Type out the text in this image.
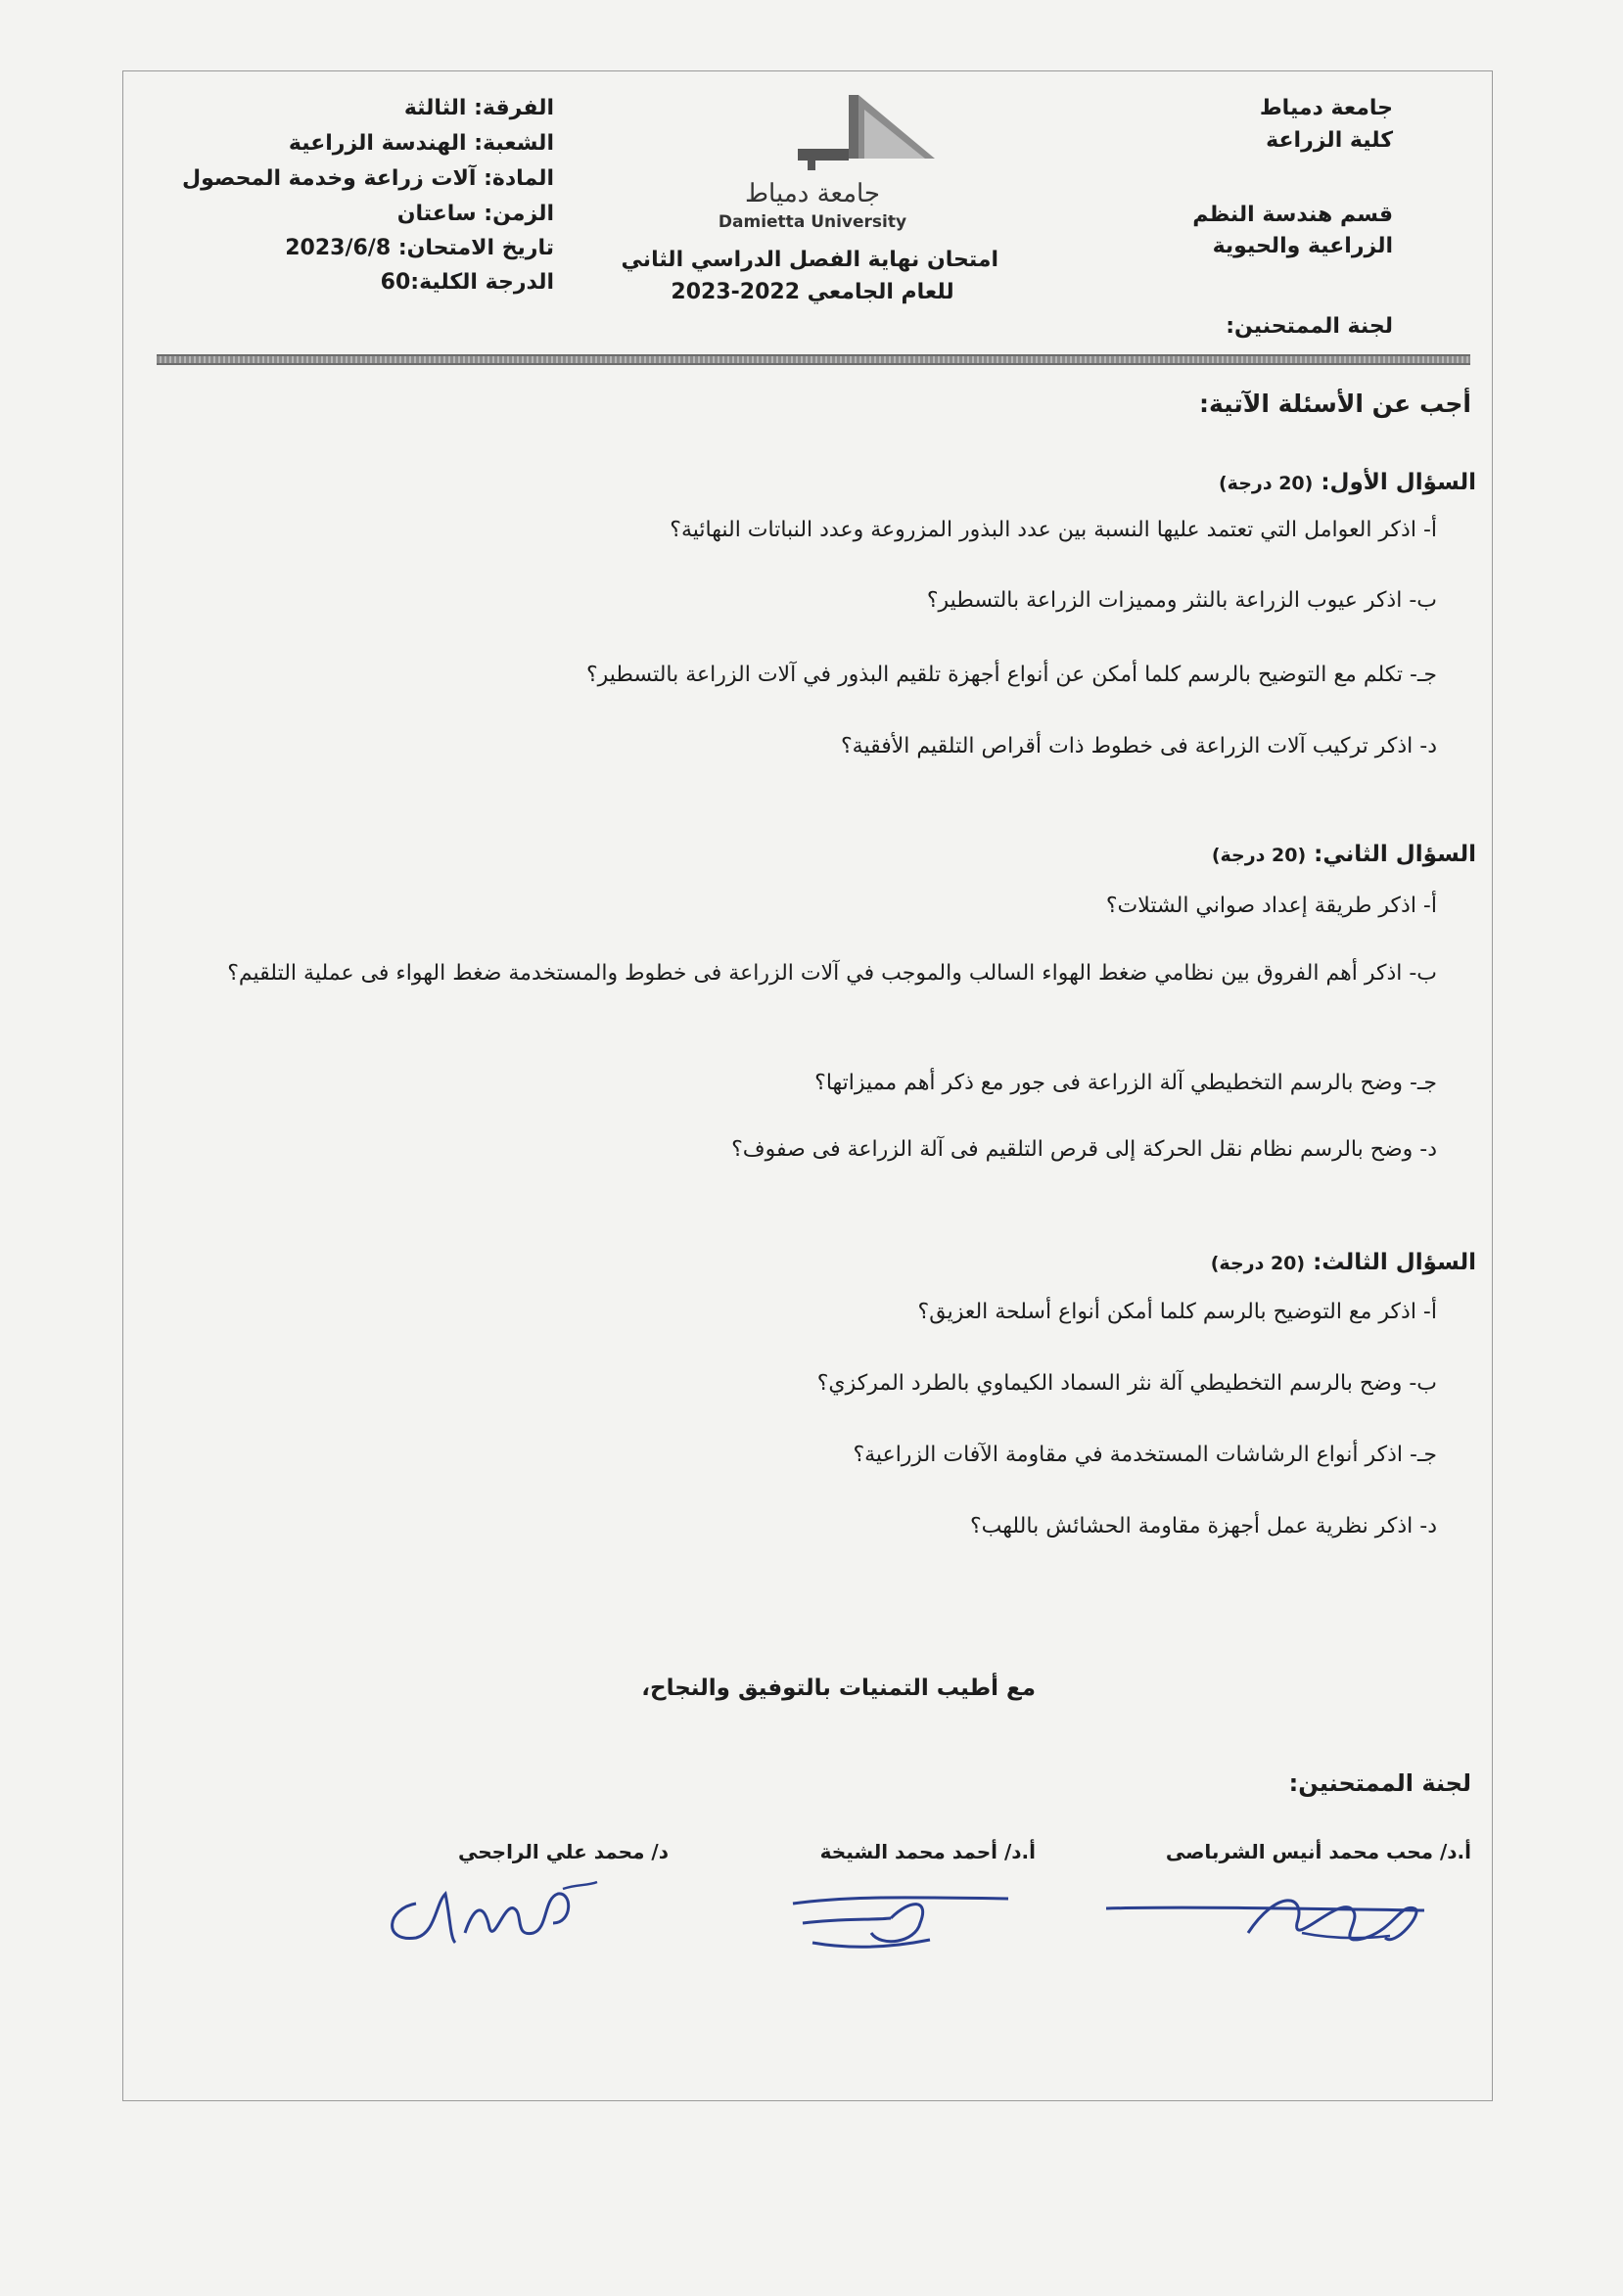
جامعة دمياط
كلية الزراعة
قسم هندسة النظم
الزراعية والحيوية
لجنة الممتحنين:
جامعة دمياط
Damietta University
امتحان نهاية الفصل الدراسي الثاني
للعام الجامعي 2022-2023
الفرقة: الثالثة
الشعبة: الهندسة الزراعية
المادة: آلات زراعة وخدمة المحصول
الزمن: ساعتان
تاريخ الامتحان: 2023/6/8
الدرجة الكلية:60
أجب عن الأسئلة الآتية:
السؤال الأول:(20 درجة)
أ- اذكر العوامل التي تعتمد عليها النسبة بين عدد البذور المزروعة وعدد النباتات النهائية؟
ب- اذكر عيوب الزراعة بالنثر ومميزات الزراعة بالتسطير؟
جـ- تكلم مع التوضيح بالرسم كلما أمكن عن أنواع أجهزة تلقيم البذور في آلات الزراعة بالتسطير؟
د- اذكر تركيب آلات الزراعة فى خطوط ذات أقراص التلقيم الأفقية؟
السؤال الثاني:(20 درجة)
أ- اذكر طريقة إعداد صواني الشتلات؟
ب- اذكر أهم الفروق بين نظامي ضغط الهواء السالب والموجب في آلات الزراعة فى خطوط والمستخدمة ضغط الهواء فى عملية التلقيم؟
جـ- وضح بالرسم التخطيطي آلة الزراعة فى جور مع ذكر أهم مميزاتها؟
د- وضح بالرسم نظام نقل الحركة إلى قرص التلقيم فى آلة الزراعة فى صفوف؟
السؤال الثالث:(20 درجة)
أ- اذكر مع التوضيح بالرسم كلما أمكن أنواع أسلحة العزيق؟
ب- وضح بالرسم التخطيطي آلة نثر السماد الكيماوي بالطرد المركزي؟
جـ- اذكر أنواع الرشاشات المستخدمة في مقاومة الآفات الزراعية؟
د- اذكر نظرية عمل أجهزة مقاومة الحشائش باللهب؟
مع أطيب التمنيات بالتوفيق والنجاح،
لجنة الممتحنين:
أ.د/ محب محمد أنيس الشرباصى
أ.د/ أحمد محمد الشيخة
د/ محمد علي الراجحي
